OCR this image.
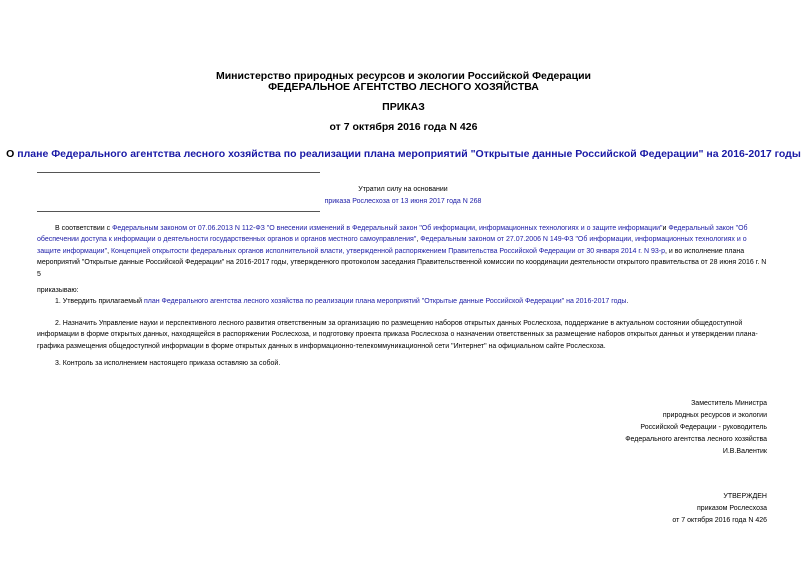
Министерство природных ресурсов и экологии Российской Федерации
ФЕДЕРАЛЬНОЕ АГЕНТСТВО ЛЕСНОГО ХОЗЯЙСТВА
ПРИКАЗ
от 7 октября 2016 года N 426
О плане Федерального агентства лесного хозяйства по реализации плана мероприятий "Открытые данные Российской Федерации" на 2016-2017 годы
Утратил силу на основании
приказа Рослесхоза от 13 июня 2017 года N 268
В соответствии с Федеральным законом от 07.06.2013 N 112-ФЗ "О внесении изменений в Федеральный закон "Об информации, информационных технологиях и о защите информации"и Федеральный закон "Об обеспечении доступа к информации о деятельности государственных органов и органов местного самоуправления", Федеральным законом от 27.07.2006 N 149-ФЗ "Об информации, информационных технологиях и о защите информации", Концепцией открытости федеральных органов исполнительной власти, утвержденной распоряжением Правительства Российской Федерации от 30 января 2014 г. N 93-р, и во исполнение плана мероприятий "Открытые данные Российской Федерации" на 2016-2017 годы, утвержденного протоколом заседания Правительственной комиссии по координации деятельности открытого правительства от 28 июня 2016 г. N 5
приказываю:
1. Утвердить прилагаемый план Федерального агентства лесного хозяйства по реализации плана мероприятий "Открытые данные Российской Федерации" на 2016-2017 годы.
2. Назначить Управление науки и перспективного лесного развития ответственным за организацию по размещению наборов открытых данных Рослесхоза, поддержание в актуальном состоянии общедоступной информации в форме открытых данных, находящейся в распоряжении Рослесхоза, и подготовку проекта приказа Рослесхоза о назначении ответственных за размещение наборов открытых данных и утверждении плана-графика размещения общедоступной информации в форме открытых данных в информационно-телекоммуникационной сети "Интернет" на официальном сайте Рослесхоза.
3. Контроль за исполнением настоящего приказа оставляю за собой.
Заместитель Министра
природных ресурсов и экологии
Российской Федерации - руководитель
Федерального агентства лесного хозяйства
И.В.Валентик
УТВЕРЖДЕН
приказом Рослесхоза
от 7 октября 2016 года N 426
